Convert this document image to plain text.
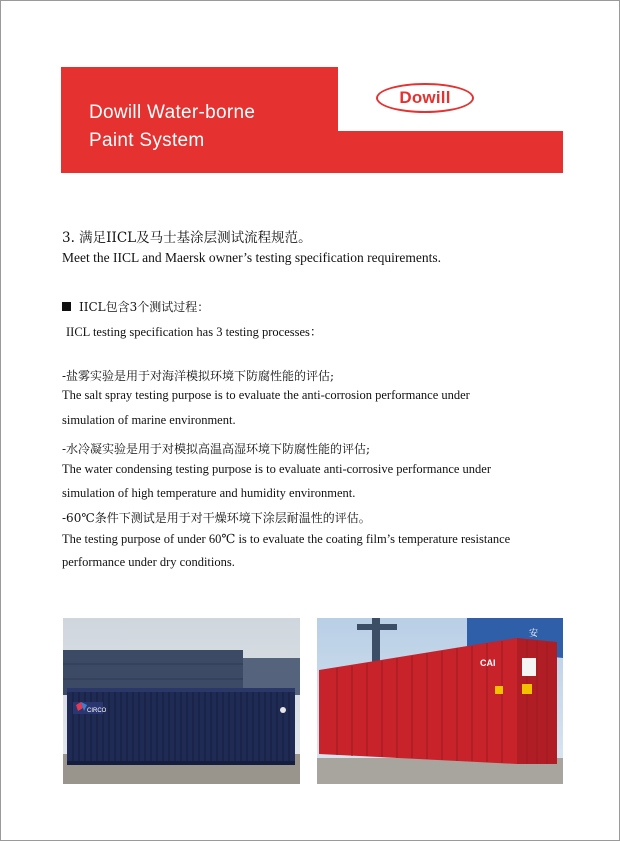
Dowill Water-borne
Paint System
Dowill
3. 满足IICL及马士基涂层测试流程规范。
Meet the IICL and Maersk owner’s testing specification requirements.
IICL包含3个测试过程：
IICL testing specification has 3 testing processes：
-盐雾实验是用于对海洋模拟环境下防腐性能的评估;
The salt spray testing purpose is to evaluate the anti-corrosion performance under
simulation of marine environment.
-水冷凝实验是用于对模拟高温高湿环境下防腐性能的评估;
The water condensing testing purpose is to evaluate anti-corrosive performance under
simulation of high temperature and humidity environment.
-60℃条件下测试是用于对干燥环境下涂层耐温性的评估。
The testing purpose of under 60℃ is to evaluate the coating film’s temperature resistance
performance under dry conditions.
CIRCO
安
CAI
